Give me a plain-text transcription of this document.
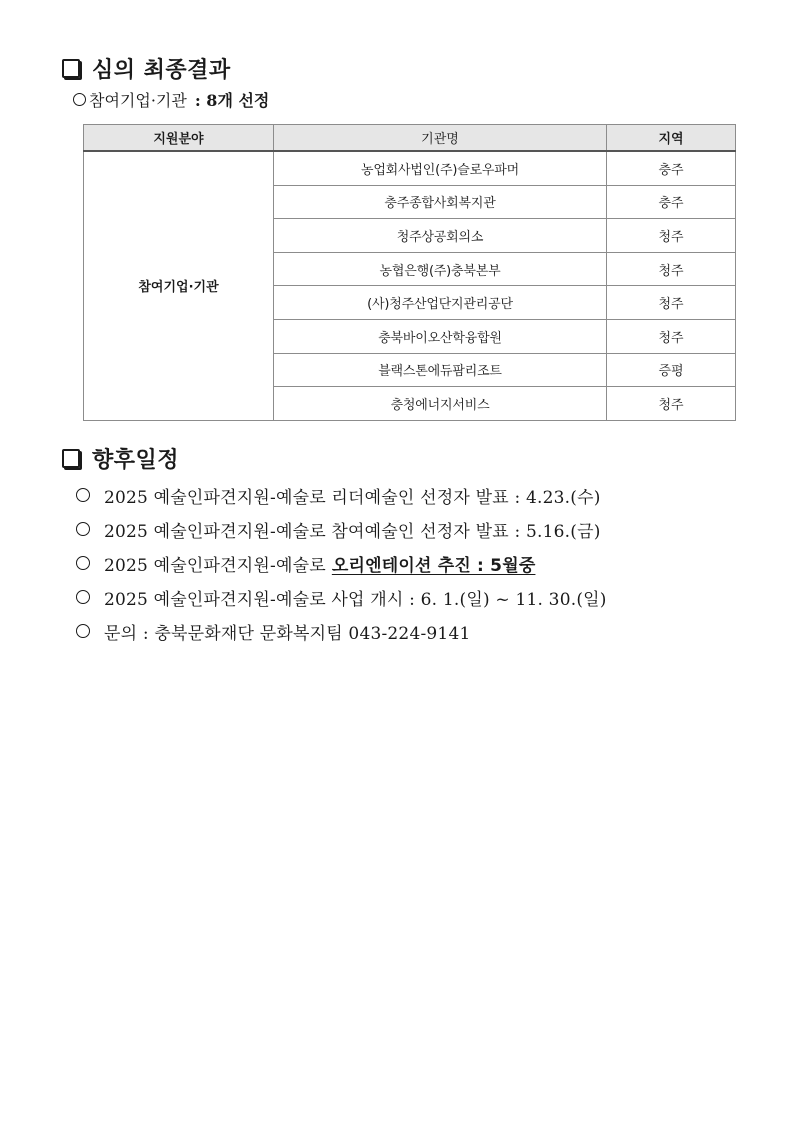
심의 최종결과
참여기업·기관 : 8개 선정
지원분야	기관명	지역
참여기업·기관	농업회사법인(주)슬로우파머	충주
	충주종합사회복지관	충주
	청주상공회의소	청주
	농협은행(주)충북본부	청주
	(사)청주산업단지관리공단	청주
	충북바이오산학융합원	청주
	블랙스톤에듀팜리조트	증평
	충청에너지서비스	청주
향후일정
2025 예술인파견지원-예술로 리더예술인 선정자 발표 : 4.23.(수)
2025 예술인파견지원-예술로 참여예술인 선정자 발표 : 5.16.(금)
2025 예술인파견지원-예술로 오리엔테이션 추진 : 5월중
2025 예술인파견지원-예술로 사업 개시 : 6. 1.(일) ~ 11. 30.(일)
문의 : 충북문화재단 문화복지팀 043-224-9141
